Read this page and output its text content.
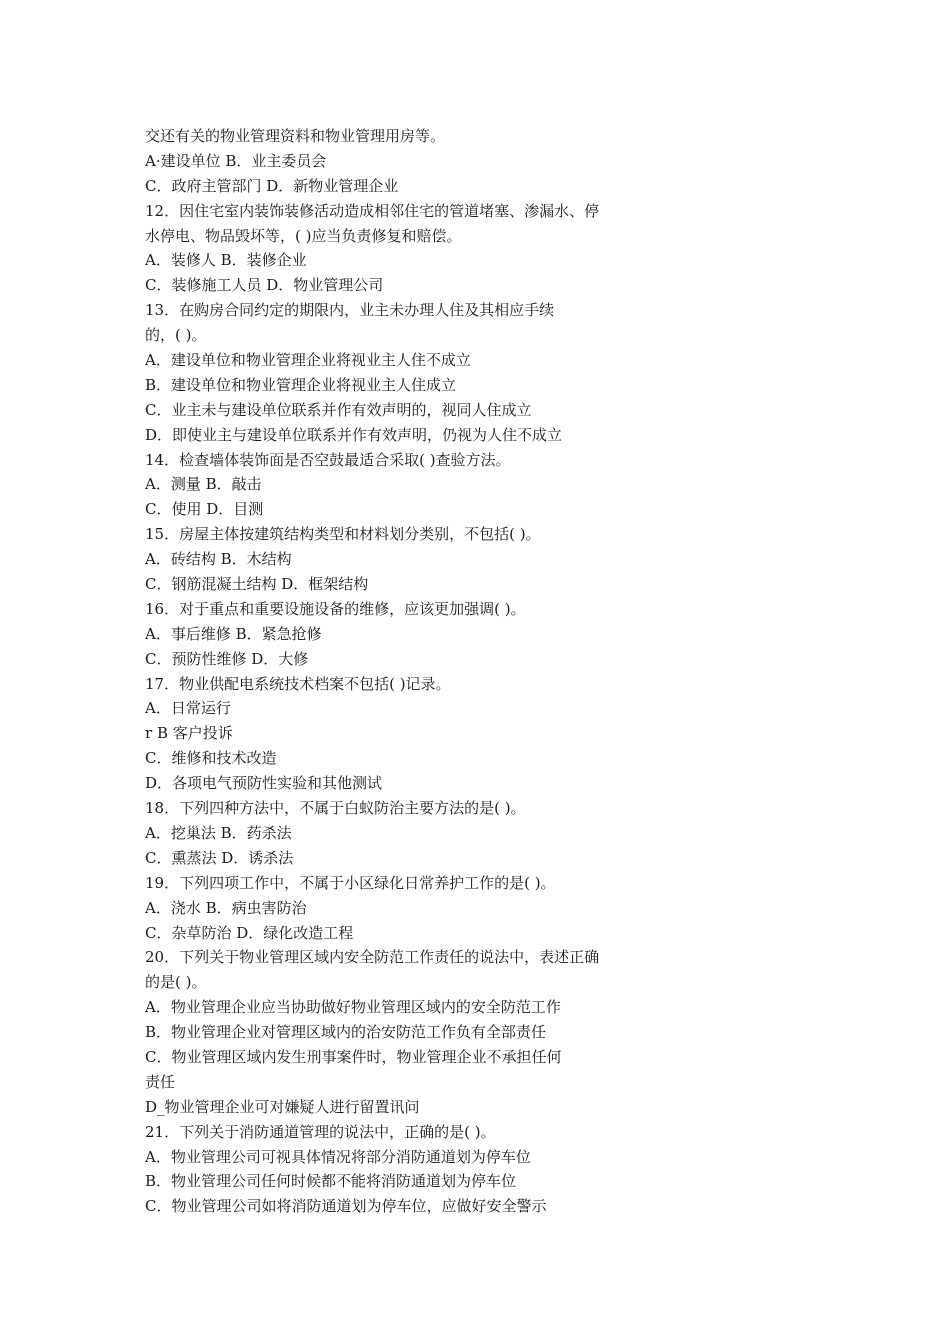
交还有关的物业管理资料和物业管理用房等。
A·建设单位 B．业主委员会
C．政府主管部门 D．新物业管理企业
12．因住宅室内装饰装修活动造成相邻住宅的管道堵塞、渗漏水、停
水停电、物品毁坏等，( )应当负责修复和赔偿。
A．装修人 B．装修企业
C．装修施工人员 D．物业管理公司
13．在购房合同约定的期限内，业主未办理人住及其相应手续
的，( )。
A．建设单位和物业管理企业将视业主人住不成立
B．建设单位和物业管理企业将视业主人住成立
C．业主未与建设单位联系并作有效声明的，视同人住成立
D．即使业主与建设单位联系并作有效声明，仍视为人住不成立
14．检查墙体装饰面是否空鼓最适合采取( )查验方法。
A．测量 B．敲击
C．使用 D．目测
15．房屋主体按建筑结构类型和材料划分类别，不包括( )。
A．砖结构 B．木结构
C．钢筋混凝土结构 D．框架结构
16．对于重点和重要设施设备的维修，应该更加强调( )。
A．事后维修 B．紧急抢修
C．预防性维修 D．大修
17．物业供配电系统技术档案不包括( )记录。
A．日常运行
r B 客户投诉
C．维修和技术改造
D．各项电气预防性实验和其他测试
18．下列四种方法中，不属于白蚁防治主要方法的是( )。
A．挖巢法 B．药杀法
C．熏蒸法 D．诱杀法
19．下列四项工作中，不属于小区绿化日常养护工作的是( )。
A．浇水 B．病虫害防治
C．杂草防治 D．绿化改造工程
20．下列关于物业管理区域内安全防范工作责任的说法中，表述正确
的是( )。
A．物业管理企业应当协助做好物业管理区域内的安全防范工作
B．物业管理企业对管理区域内的治安防范工作负有全部责任
C．物业管理区域内发生刑事案件时，物业管理企业不承担任何
责任
D_物业管理企业可对嫌疑人进行留置讯问
21．下列关于消防通道管理的说法中，正确的是( )。
A．物业管理公司可视具体情况将部分消防通道划为停车位
B．物业管理公司任何时候都不能将消防通道划为停车位
C．物业管理公司如将消防通道划为停车位，应做好安全警示
